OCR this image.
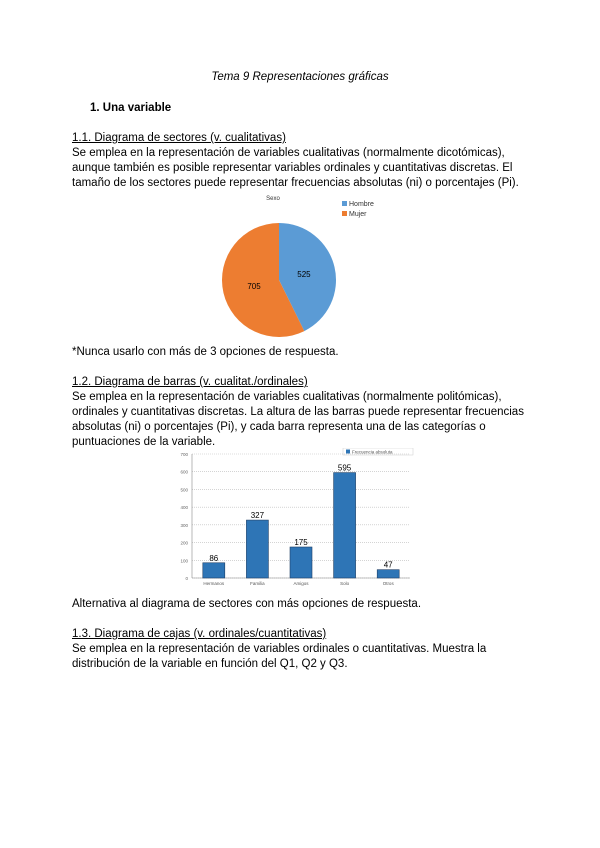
Tema 9 Representaciones gráficas
1. Una variable
1.1. Diagrama de sectores (v. cualitativas)
Se emplea en la representación de variables cualitativas (normalmente dicotómicas),
aunque también es posible representar variables ordinales y cuantitativas discretas. El
tamaño de los sectores puede representar frecuencias absolutas (ni) o porcentajes (Pi).
Sexo
525
Hombre
705
Mujer
*Nunca usarlo con más de 3 opciones de respuesta.
1.2. Diagrama de barras (v. cualitat./ordinales)
Se emplea en la representación de variables cualitativas (normalmente politómicas),
ordinales y cuantitativas discretas. La altura de las barras puede representar frecuencias
absolutas (ni) o porcentajes (Pi), y cada barra representa una de las categorías o
puntuaciones de la variable.
Frecuencia absoluta
0
100
200
300
400
500
600
700
86
Hermanos
327
Familia
175
Amigos
595
Solo
47
Otros
Alternativa al diagrama de sectores con más opciones de respuesta.
1.3. Diagrama de cajas (v. ordinales/cuantitativas)
Se emplea en la representación de variables ordinales o cuantitativas. Muestra la
distribución de la variable en función del Q1, Q2 y Q3.
